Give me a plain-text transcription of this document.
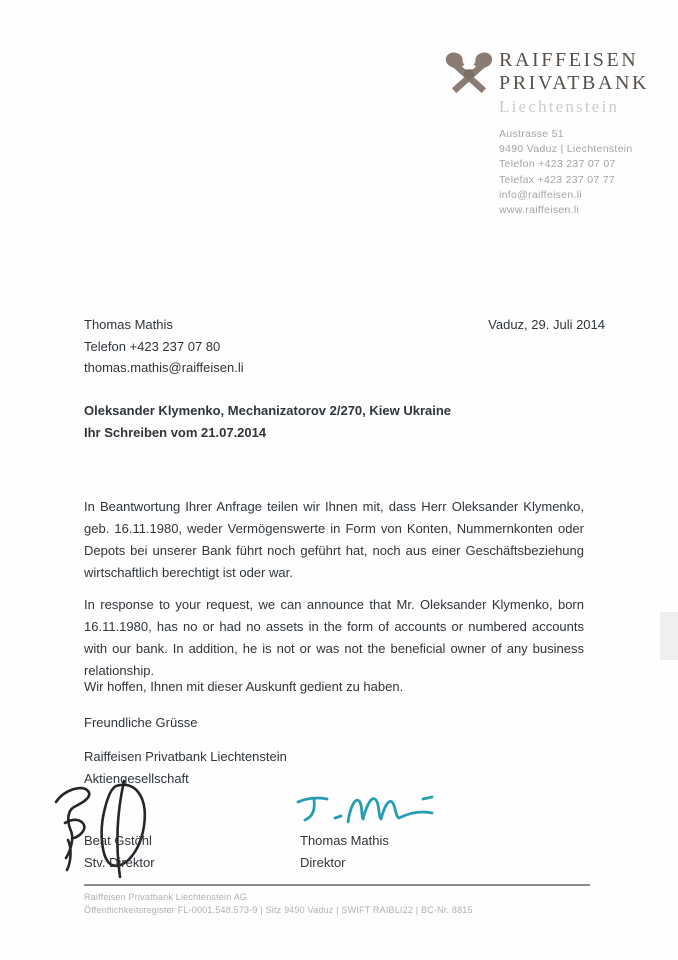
RAIFFEISEN
PRIVATBANK
Liechtenstein
Austrasse 51
9490 Vaduz | Liechtenstein
Telefon +423 237 07 07
Telefax +423 237 07 77
info@raiffeisen.li
www.raiffeisen.li
Thomas Mathis
Telefon +423 237 07 80
thomas.mathis@raiffeisen.li
Vaduz, 29. Juli 2014
Oleksander Klymenko, Mechanizatorov 2/270, Kiew Ukraine
Ihr Schreiben vom 21.07.2014
In Beantwortung Ihrer Anfrage teilen wir Ihnen mit, dass Herr Oleksander Klymenko, geb. 16.11.1980, weder Vermögenswerte in Form von Konten, Nummernkonten oder Depots bei unserer Bank führt noch geführt hat, noch aus einer Geschäftsbeziehung wirtschaftlich berechtigt ist oder war.
In response to your request, we can announce that Mr. Oleksander Klymenko, born 16.11.1980, has no or had no assets in the form of accounts or numbered accounts with our bank. In addition, he is not or was not the beneficial owner of any business relationship.
Wir hoffen, Ihnen mit dieser Auskunft gedient zu haben.
Freundliche Grüsse
Raiffeisen Privatbank Liechtenstein
Aktiengesellschaft
Beat Gstöhl
Stv. Direktor
Thomas Mathis
Direktor
Raiffeisen Privatbank Liechtenstein AG
Öffentlichkeitsregister FL-0001.548.573-9 | Sitz 9490 Vaduz | SWIFT RAIBLI22 | BC-Nr. 8815
